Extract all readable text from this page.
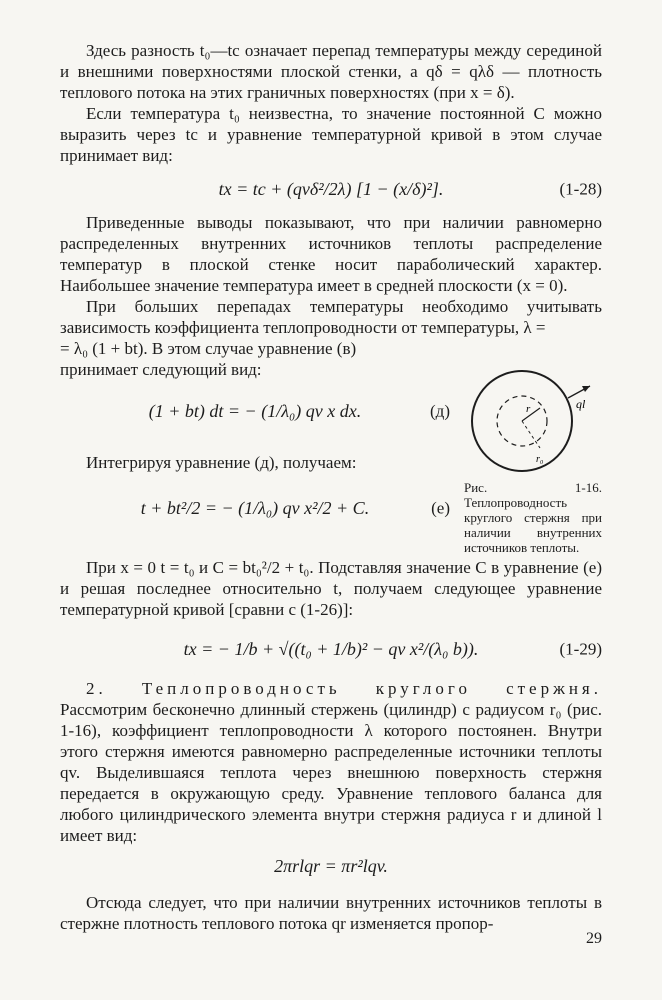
Здесь разность t₀—tс означает перепад температуры между серединой и внешними поверхностями плоской стенки, а qδ = qλδ — плотность теплового потока на этих граничных поверхностях (при x = δ).

Если температура t₀ неизвестна, то значение постоянной C можно выразить через tс и уравнение температурной кривой в этом случае принимает вид:

tx = tс + (qvδ²/2λ) [1 − (x/δ)²].	(1-28)

Приведенные выводы показывают, что при наличии равномерно распределенных внутренних источников теплоты распределение температур в плоской стенке носит параболический характер. Наибольшее значение температура имеет в средней плоскости (x = 0).

При больших перепадах температуры необходимо учитывать зависимость коэффициента теплопроводности от температуры, λ =

= λ₀ (1 + bt). В этом случае уравнение (в)

принимает следующий вид:

(1 + bt) dt = − (1/λ₀) qv x dx.	(д)

Интегрируя уравнение (д), получаем:

t + bt²/2 = − (1/λ₀) qv x²/2 + C.	(е)

При x = 0 t = t₀ и C = bt₀²/2 + t₀. Подставляя значение C в уравнение (е) и решая последнее относительно t, получаем следующее уравнение температурной кривой [сравни с (1-26)]:

tx = − 1/b + √((t₀ + 1/b)² − qv x²/(λ₀ b)).	(1-29)

2. Теплопроводность круглого стержня. Рассмотрим бесконечно длинный стержень (цилиндр) с радиусом r₀ (рис. 1-16), коэффициент теплопроводности λ которого постоянен. Внутри этого стержня имеются равномерно распределенные источники теплоты qv. Выделившаяся теплота через внешнюю поверхность стержня передается в окружающую среду. Уравнение теплового баланса для любого цилиндрического элемента внутри стержня радиуса r и длиной l имеет вид:

2πrlqr = πr²lqv.

Отсюда следует, что при наличии внутренних источников теплоты в стержне плотность теплового потока qr изменяется пропор-

r	ql
r₀
Рис. 1-16. Теплопроводность круглого стержня при наличии внутренних источников теплоты.
29
